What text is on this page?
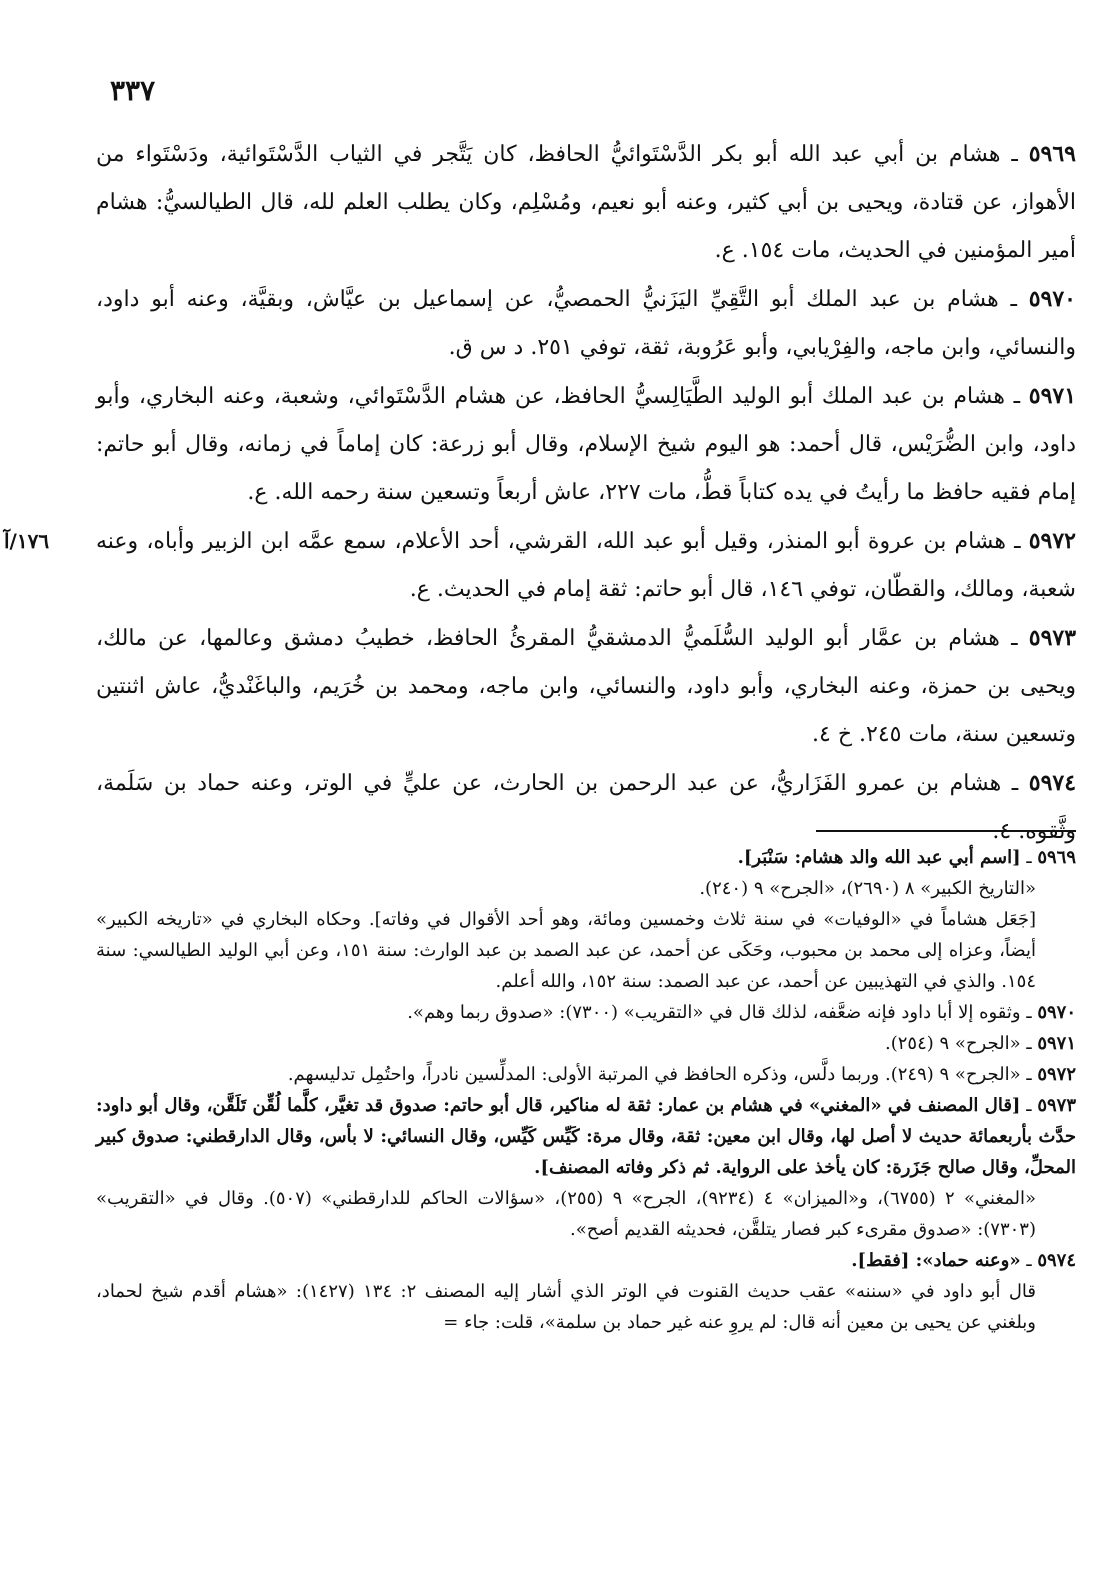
٣٣٧
٥٩٦٩ ـ هشام بن أبي عبد الله أبو بكر الدَّسْتَوائيُّ الحافظ، كان يَتَّجر في الثياب الدَّسْتَوائية، ودَسْتَواء من الأهواز، عن قتادة، ويحيى بن أبي كثير، وعنه أبو نعيم، ومُسْلِم، وكان يطلب العلم لله، قال الطيالسيُّ: هشام أمير المؤمنين في الحديث، مات ١٥٤. ع.
٥٩٧٠ ـ هشام بن عبد الملك أبو التَّقِيِّ اليَزَنيُّ الحمصيُّ، عن إسماعيل بن عيَّاش، وبقيَّة، وعنه أبو داود، والنسائي، وابن ماجه، والفِرْيابي، وأبو عَرُوبة، ثقة، توفي ٢٥١. د س ق.
٥٩٧١ ـ هشام بن عبد الملك أبو الوليد الطَّيَالِسيُّ الحافظ، عن هشام الدَّسْتَوائي، وشعبة، وعنه البخاري، وأبو داود، وابن الضُّرَيْس، قال أحمد: هو اليوم شيخ الإسلام، وقال أبو زرعة: كان إماماً في زمانه، وقال أبو حاتم: إمام فقيه حافظ ما رأيتُ في يده كتاباً قطُّ، مات ٢٢٧، عاش أربعاً وتسعين سنة رحمه الله. ع.
١٧٦/آ	٥٩٧٢ ـ هشام بن عروة أبو المنذر، وقيل أبو عبد الله، القرشي، أحد الأعلام، سمع عمَّه ابن الزبير وأباه، وعنه شعبة، ومالك، والقطّان، توفي ١٤٦، قال أبو حاتم: ثقة إمام في الحديث. ع.
٥٩٧٣ ـ هشام بن عمَّار أبو الوليد السُّلَميُّ الدمشقيُّ المقرئُ الحافظ، خطيبُ دمشق وعالمها، عن مالك، ويحيى بن حمزة، وعنه البخاري، وأبو داود، والنسائي، وابن ماجه، ومحمد بن خُرَيم، والباغَنْديُّ، عاش اثنتين وتسعين سنة، مات ٢٤٥. خ ٤.
٥٩٧٤ ـ هشام بن عمرو الفَزَاريُّ، عن عبد الرحمن بن الحارث، عن عليٍّ في الوتر، وعنه حماد بن سَلَمة، وثَّقوه. ٤.

٥٩٦٩ ـ [اسم أبي عبد الله والد هشام: سَنْبَر].

«التاريخ الكبير» ٨ (٢٦٩٠)، «الجرح» ٩ (٢٤٠).

[جَعَل هشاماً في «الوفيات» في سنة ثلاث وخمسين ومائة، وهو أحد الأقوال في وفاته]. وحكاه البخاري في «تاريخه الكبير» أيضاً، وعزاه إلى محمد بن محبوب، وحَكَى عن أحمد، عن عبد الصمد بن عبد الوارث: سنة ١٥١، وعن أبي الوليد الطيالسي: سنة ١٥٤. والذي في التهذيبين عن أحمد، عن عبد الصمد: سنة ١٥٢، والله أعلم.

٥٩٧٠ ـ وثقوه إلا أبا داود فإنه ضعَّفه، لذلك قال في «التقريب» (٧٣٠٠): «صدوق ربما وهم».

٥٩٧١ ـ «الجرح» ٩ (٢٥٤).

٥٩٧٢ ـ «الجرح» ٩ (٢٤٩). وربما دلَّس، وذكره الحافظ في المرتبة الأولى: المدلِّسين نادراً، واحتُمِل تدليسهم.

٥٩٧٣ ـ [قال المصنف في «المغني» في هشام بن عمار: ثقة له مناكير، قال أبو حاتم: صدوق قد تغيَّر، كلَّما لُقِّن تَلَقَّن، وقال أبو داود: حدَّث بأربعمائة حديث لا أصل لها، وقال ابن معين: ثقة، وقال مرة: كَيِّس كَيِّس، وقال النسائي: لا بأس، وقال الدارقطني: صدوق كبير المحلِّ، وقال صالح جَزَرة: كان يأخذ على الرواية. ثم ذكر وفاته المصنف].

«المغني» ٢ (٦٧٥٥)، و«الميزان» ٤ (٩٢٣٤)، الجرح» ٩ (٢٥٥)، «سؤالات الحاكم للدارقطني» (٥٠٧). وقال في «التقريب» (٧٣٠٣): «صدوق مقرىء كبر فصار يتلقَّن، فحديثه القديم أصح».

٥٩٧٤ ـ «وعنه حماد»: [فقط].

قال أبو داود في «سننه» عقب حديث القنوت في الوتر الذي أشار إليه المصنف ٢: ١٣٤ (١٤٢٧): «هشام أقدم شيخ لحماد، وبلغني عن يحيى بن معين أنه قال: لم يروِ عنه غير حماد بن سلمة»، قلت: جاء =
